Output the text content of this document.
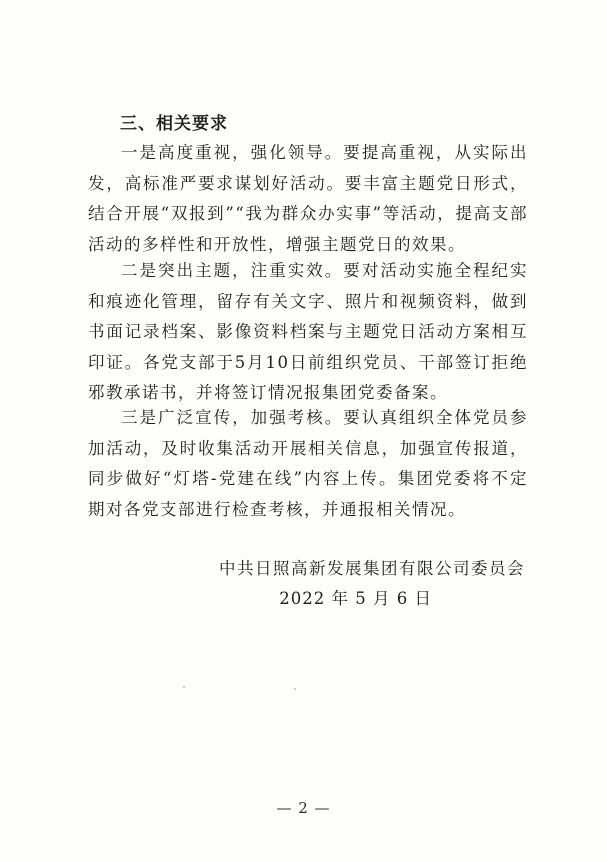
三、相关要求

一是高度重视，强化领导。要提高重视，从实际出发，高标准严要求谋划好活动。要丰富主题党日形式，结合开展“双报到”“我为群众办实事”等活动，提高支部活动的多样性和开放性，增强主题党日的效果。

二是突出主题，注重实效。要对活动实施全程纪实和痕迹化管理，留存有关文字、照片和视频资料，做到书面记录档案、影像资料档案与主题党日活动方案相互印证。各党支部于5月10日前组织党员、干部签订拒绝邪教承诺书，并将签订情况报集团党委备案。

三是广泛宣传，加强考核。要认真组织全体党员参加活动，及时收集活动开展相关信息，加强宣传报道，同步做好“灯塔-党建在线”内容上传。集团党委将不定期对各党支部进行检查考核，并通报相关情况。

中共日照高新发展集团有限公司委员会
2022 年 5 月 6 日
— 2 —
